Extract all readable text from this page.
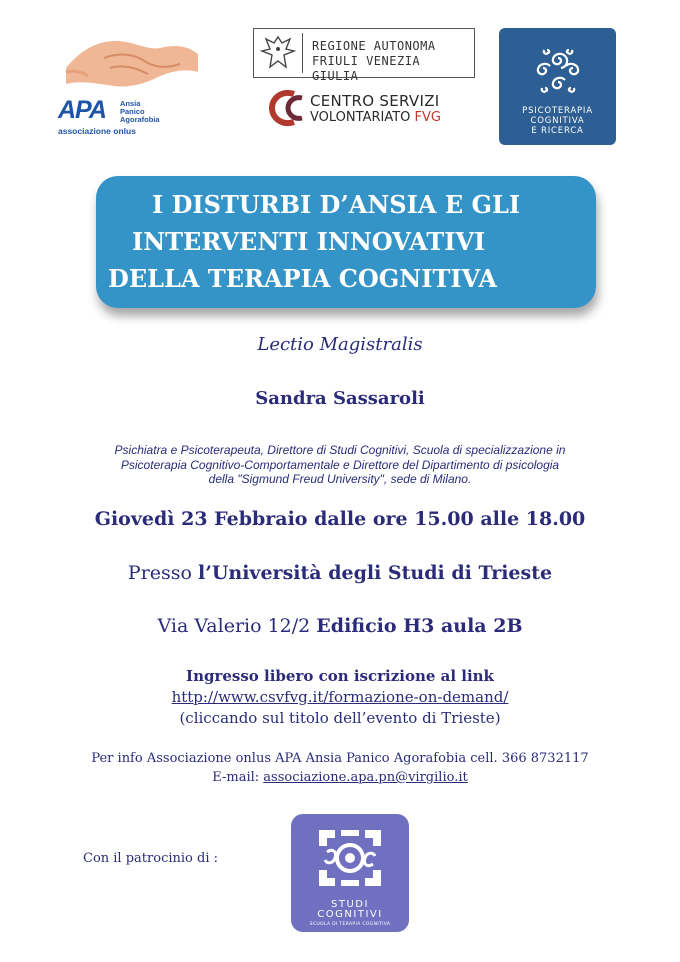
APA Ansia
Panico
Agorafobia
associazione onlus
REGIONE AUTONOMA
FRIULI VENEZIA GIULIA
CENTRO SERVIZI
VOLONTARIATO FVG	PSICOTERAPIA
COGNITIVA
E RICERCA
I DISTURBI D’ANSIA E GLI
INTERVENTI INNOVATIVI
DELLA TERAPIA COGNITIVA
Lectio Magistralis
Sandra Sassaroli
Psichiatra e Psicoterapeuta, Direttore di Studi Cognitivi, Scuola di specializzazione in
Psicoterapia Cognitivo-Comportamentale e Direttore del Dipartimento di psicologia
della "Sigmund Freud University", sede di Milano.
Giovedì 23 Febbraio dalle ore 15.00 alle 18.00
Presso l’Università degli Studi di Trieste
Via Valerio 12/2 Edificio H3 aula 2B
Ingresso libero con iscrizione al link
http://www.csvfvg.it/formazione-on-demand/
(cliccando sul titolo dell’evento di Trieste)
Per info Associazione onlus APA Ansia Panico Agorafobia cell. 366 8732117
E-mail: associazione.apa.pn@virgilio.it
Con il patrocinio di :
STUDI
COGNITIVI
SCUOLA DI TERAPIA COGNITIVA
